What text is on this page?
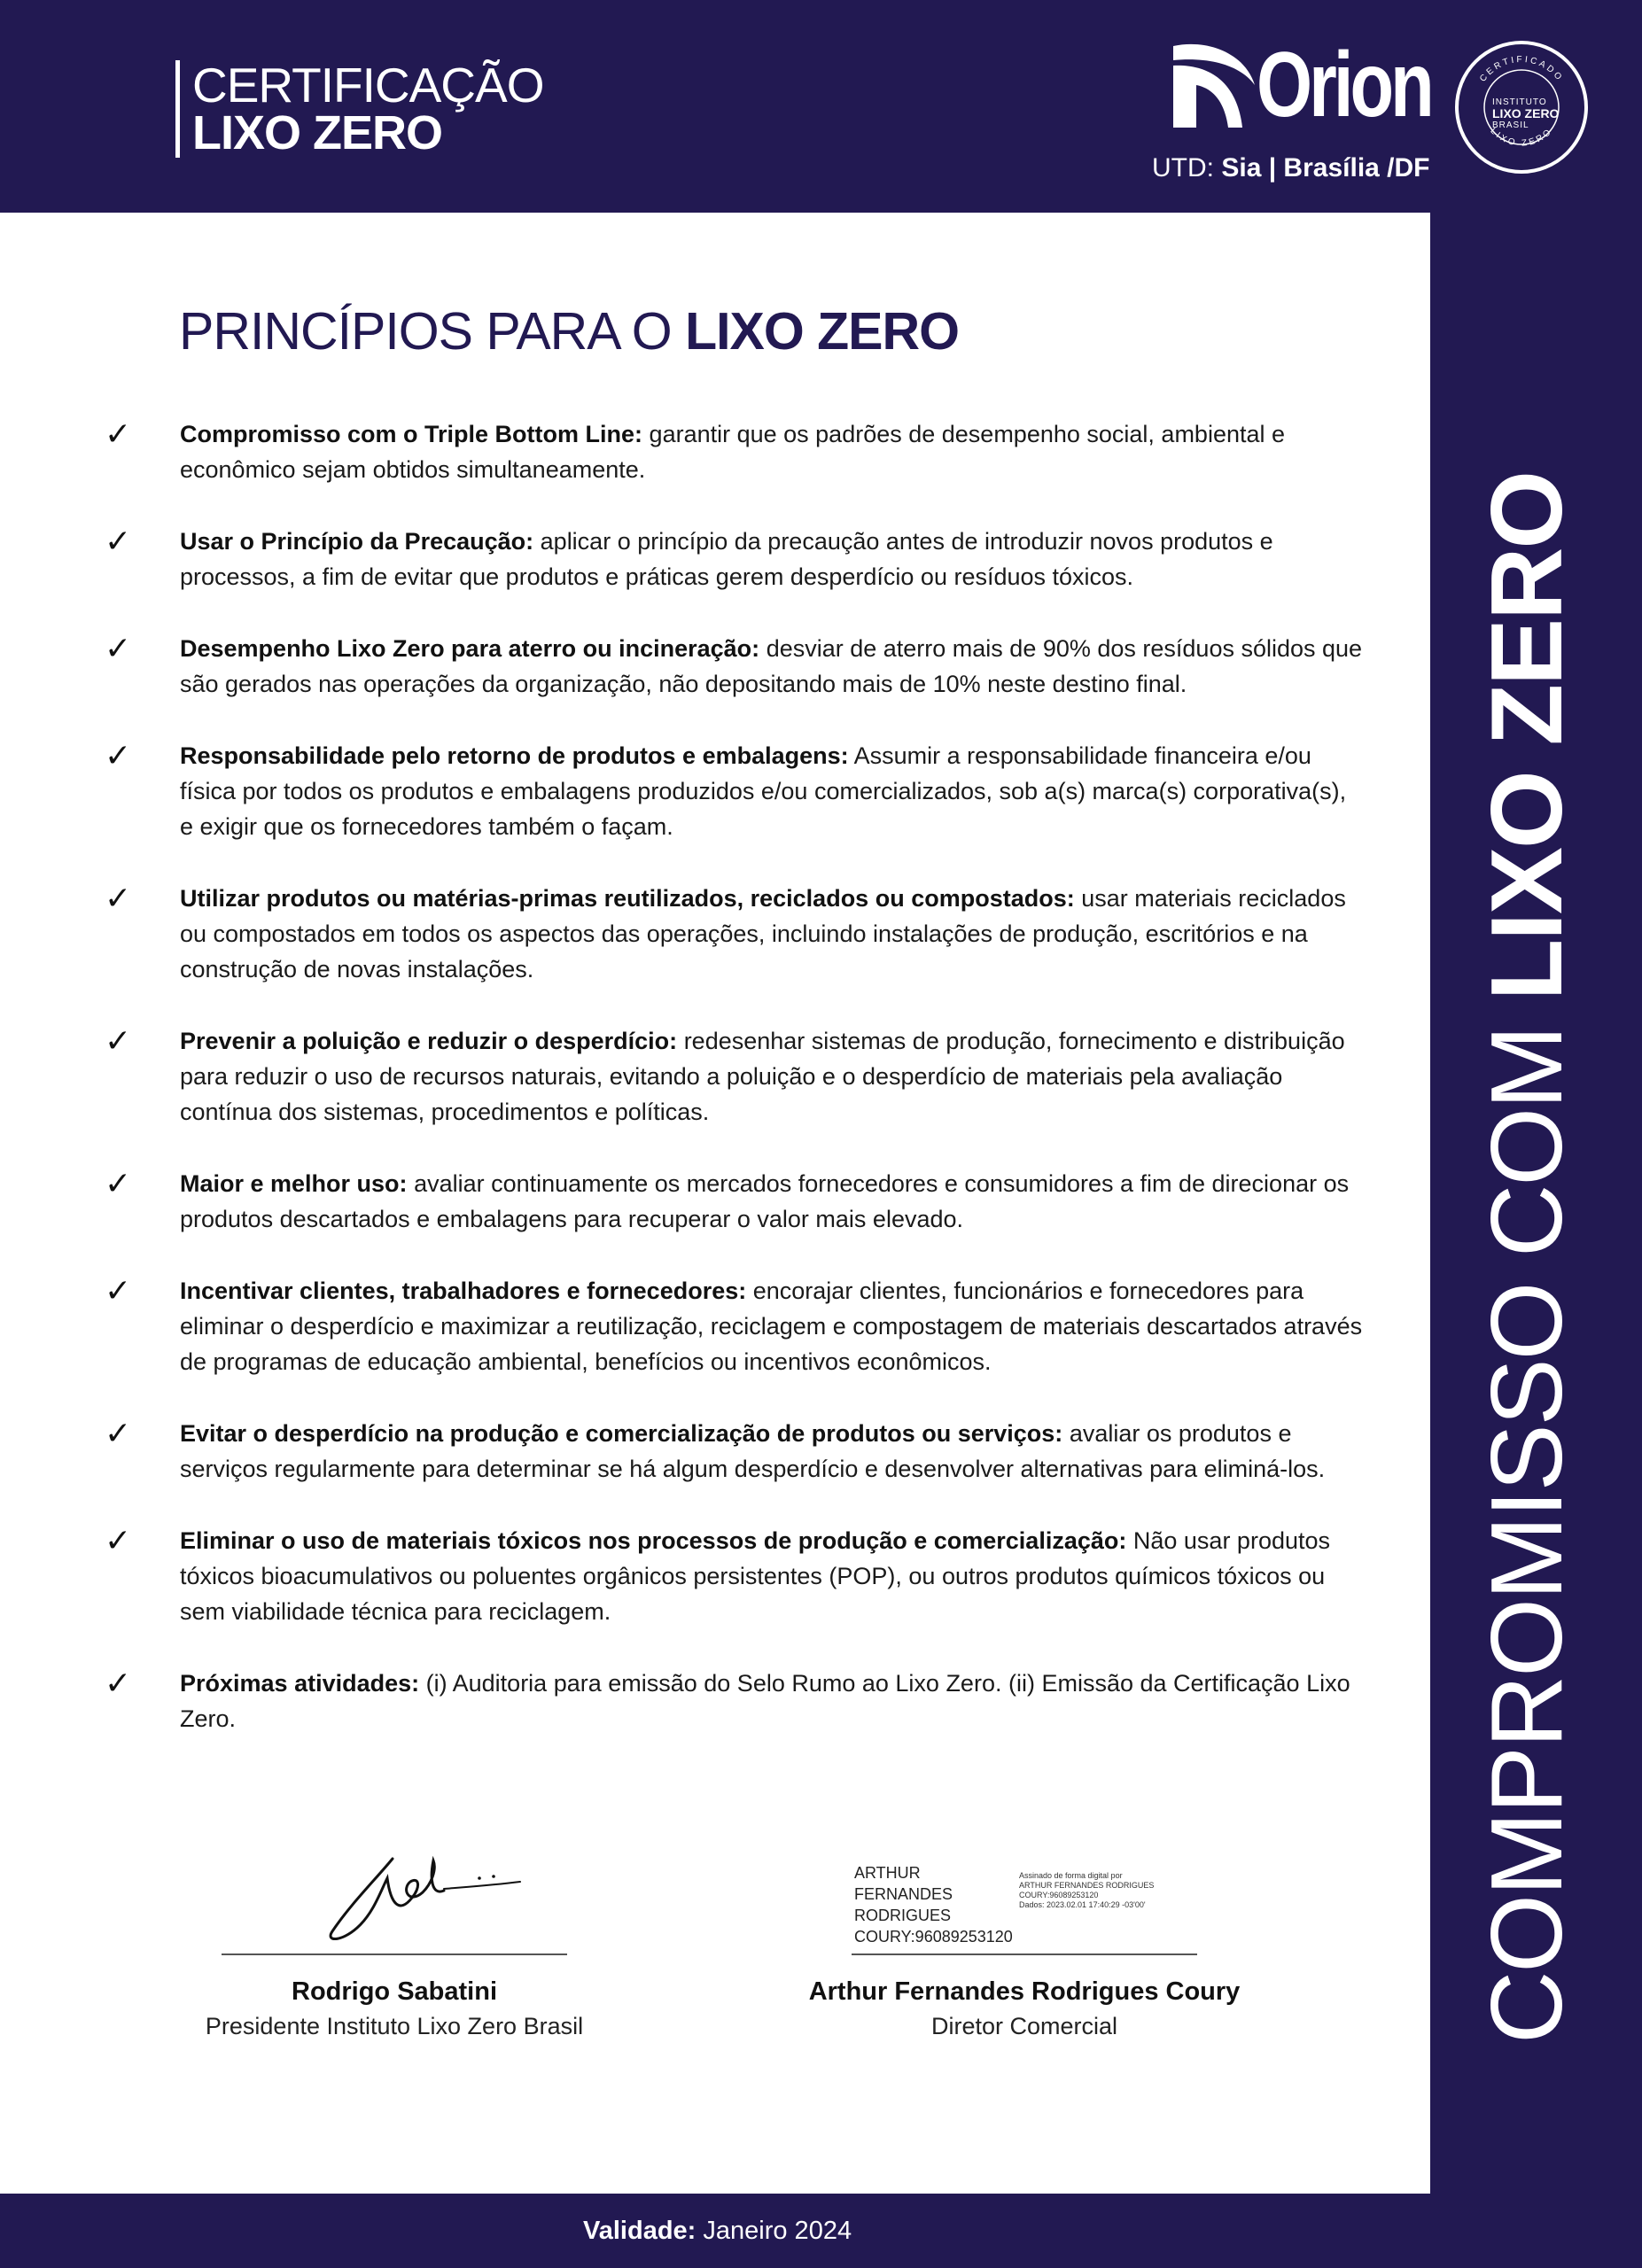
CERTIFICAÇÃO
LIXO ZERO	Orion
UTD: Sia | Brasília /DF
CERTIFICADO
LIXO ZERO
INSTITUTO
LIXO ZERO
BRASIL
COMPROMISSO COM LIXO ZERO
PRINCÍPIOS PARA O LIXO ZERO
✓ Compromisso com o Triple Bottom Line: garantir que os padrões de desempenho social, ambiental e econômico sejam obtidos simultaneamente.
✓ Usar o Princípio da Precaução: aplicar o princípio da precaução antes de introduzir novos produtos e processos, a fim de evitar que produtos e práticas gerem desperdício ou resíduos tóxicos.
✓ Desempenho Lixo Zero para aterro ou incineração: desviar de aterro mais de 90% dos resíduos sólidos que são gerados nas operações da organização, não depositando mais de 10% neste destino final.
✓ Responsabilidade pelo retorno de produtos e embalagens: Assumir a responsabilidade financeira e/ou física por todos os produtos e embalagens produzidos e/ou comercializados, sob a(s) marca(s) corporativa(s), e exigir que os fornecedores também o façam.
✓ Utilizar produtos ou matérias-primas reutilizados, reciclados ou compostados: usar materiais reciclados ou compostados em todos os aspectos das operações, incluindo instalações de produção, escritórios e na construção de novas instalações.
✓ Prevenir a poluição e reduzir o desperdício: redesenhar sistemas de produção, fornecimento e distribuição para reduzir o uso de recursos naturais, evitando a poluição e o desperdício de materiais pela avaliação contínua dos sistemas, procedimentos e políticas.
✓ Maior e melhor uso: avaliar continuamente os mercados fornecedores e consumidores a fim de direcionar os produtos descartados e embalagens para recuperar o valor mais elevado.
✓ Incentivar clientes, trabalhadores e fornecedores: encorajar clientes, funcionários e fornecedores para eliminar o desperdício e maximizar a reutilização, reciclagem e compostagem de materiais descartados através de programas de educação ambiental, benefícios ou incentivos econômicos.
✓ Evitar o desperdício na produção e comercialização de produtos ou serviços: avaliar os produtos e serviços regularmente para determinar se há algum desperdício e desenvolver alternativas para eliminá-los.
✓ Eliminar o uso de materiais tóxicos nos processos de produção e comercialização: Não usar produtos tóxicos bioacumulativos ou poluentes orgânicos persistentes (POP), ou outros produtos químicos tóxicos ou sem viabilidade técnica para reciclagem.
✓ Próximas atividades: (i) Auditoria para emissão do Selo Rumo ao Lixo Zero. (ii) Emissão da Certificação Lixo Zero.
Rodrigo Sabatini
Presidente Instituto Lixo Zero Brasil
ARTHUR FERNANDES RODRIGUES COURY:96089253120
Assinado de forma digital por
ARTHUR FERNANDES RODRIGUES
COURY:96089253120
Dados: 2023.02.01 17:40:29 -03'00'
Arthur Fernandes Rodrigues Coury
Diretor Comercial
Validade: Janeiro 2024
